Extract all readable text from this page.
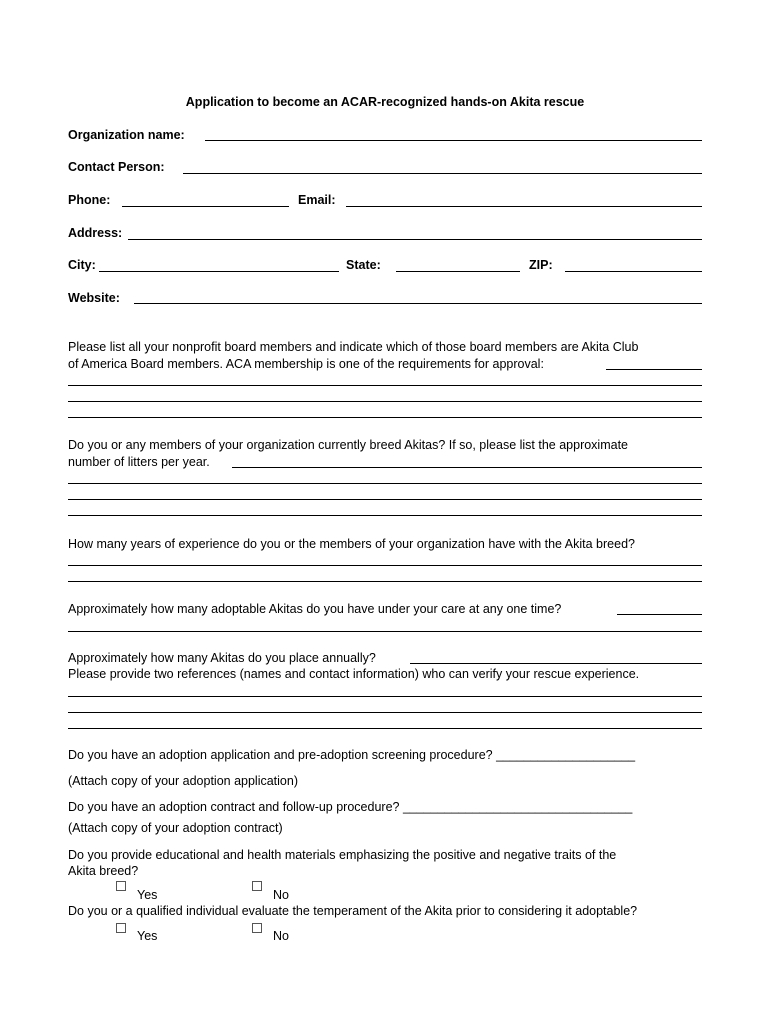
Application to become an ACAR-recognized hands-on Akita rescue
Organization name:
Contact Person:
Phone:	Email:
Address:
City:	State:	ZIP:
Website:
Please list all your nonprofit board members and indicate which of those board members are Akita Club
of America Board members. ACA membership is one of the requirements for approval:
Do you or any members of your organization currently breed Akitas? If so, please list the approximate
number of litters per year.
How many years of experience do you or the members of your organization have with the Akita breed?
Approximately how many adoptable Akitas do you have under your care at any one time?
Approximately how many Akitas do you place annually?
Please provide two references (names and contact information) who can verify your rescue experience.
Do you have an adoption application and pre-adoption screening procedure? ____________________
(Attach copy of your adoption application)
Do you have an adoption contract and follow-up procedure? _________________________________
(Attach copy of your adoption contract)
Do you provide educational and health materials emphasizing the positive and negative traits of the
Akita breed?
Yes	No
Do you or a qualified individual evaluate the temperament of the Akita prior to considering it adoptable?
Yes	No
